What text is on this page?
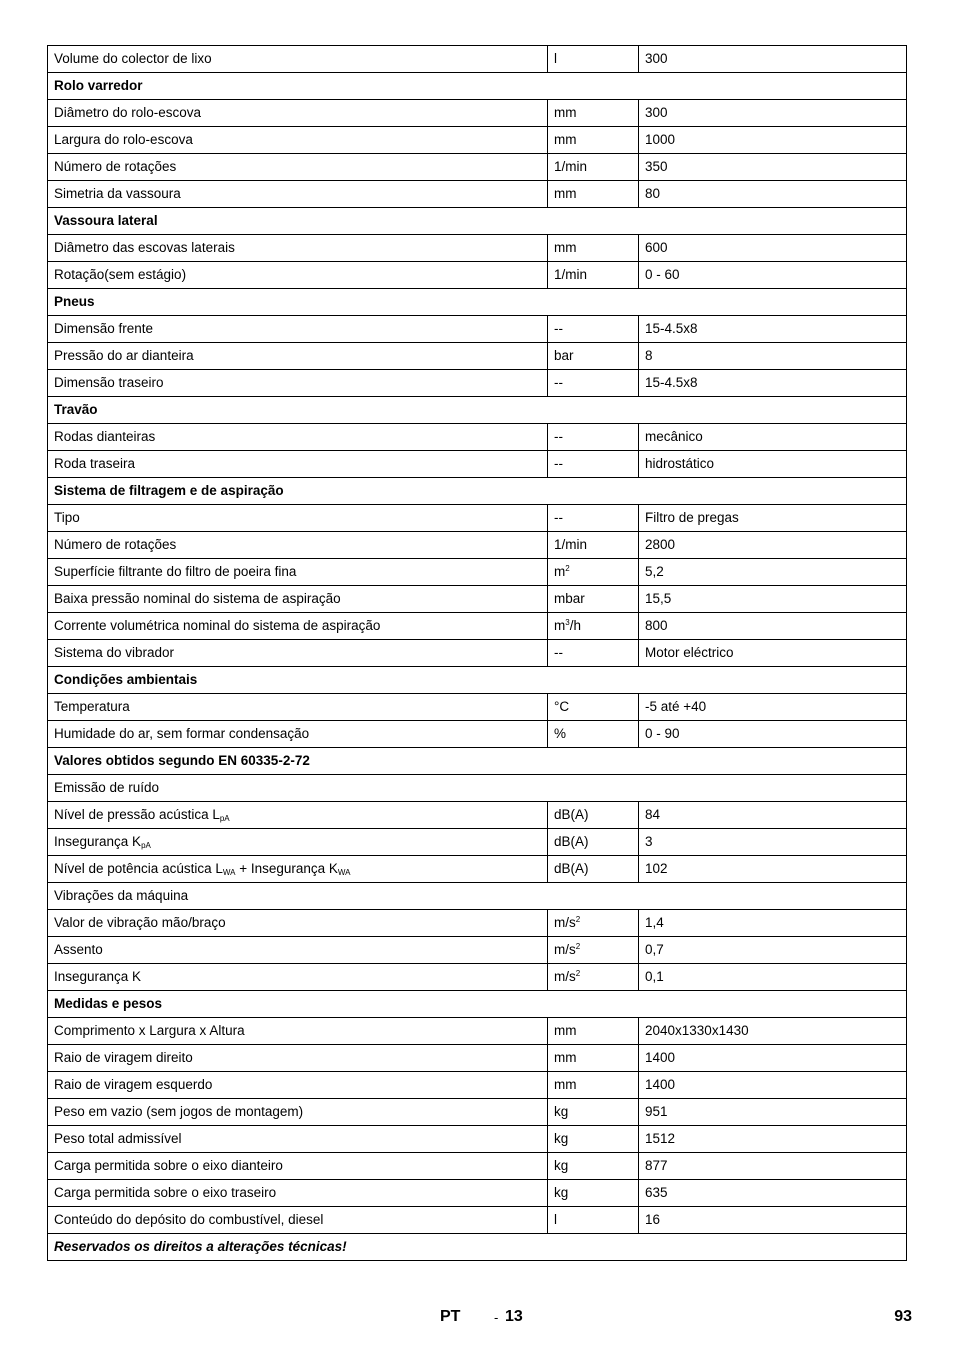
Volume do colector de lixo	l	300
Rolo varredor		
Diâmetro do rolo-escova	mm	300
Largura do rolo-escova	mm	1000
Número de rotações	1/min	350
Simetria da vassoura	mm	80
Vassoura lateral		
Diâmetro das escovas laterais	mm	600
Rotação(sem estágio)	1/min	0 - 60
Pneus		
Dimensão frente	--	15-4.5x8
Pressão do ar dianteira	bar	8
Dimensão traseiro	--	15-4.5x8
Travão		
Rodas dianteiras	--	mecânico
Roda traseira	--	hidrostático
Sistema de filtragem e de aspiração		
Tipo	--	Filtro de pregas
Número de rotações	1/min	2800
Superfície filtrante do filtro de poeira fina	$m^2$	5,2
Baixa pressão nominal do sistema de aspiração	mbar	15,5
Corrente volumétrica nominal do sistema de aspiração	$m^3/h$	800
Sistema do vibrador	--	Motor eléctrico
Condições ambientais		
Temperatura	°C	-5 até +40
Humidade do ar, sem formar condensação	%	0 - 90
Valores obtidos segundo EN 60335-2-72		
Emissão de ruído		
Nível de pressão acústica $L_{pA}$	dB(A)	84
Insegurança $K_{pA}$	dB(A)	3
Nível de potência acústica $L_{WA}$ + Insegurança $K_{WA}$	dB(A)	102
Vibrações da máquina		
Valor de vibração mão/braço	$m/s^2$	1,4
Assento	$m/s^2$	0,7
Insegurança K	$m/s^2$	0,1
Medidas e pesos		
Comprimento x Largura x Altura	mm	2040x1330x1430
Raio de viragem direito	mm	1400
Raio de viragem esquerdo	mm	1400
Peso em vazio (sem jogos de montagem)	kg	951
Peso total admissível	kg	1512
Carga permitida sobre o eixo dianteiro	kg	877
Carga permitida sobre o eixo traseiro	kg	635
Conteúdo do depósito do combustível, diesel	l	16
Reservados os direitos a alterações técnicas!		
PT	- 13	93
